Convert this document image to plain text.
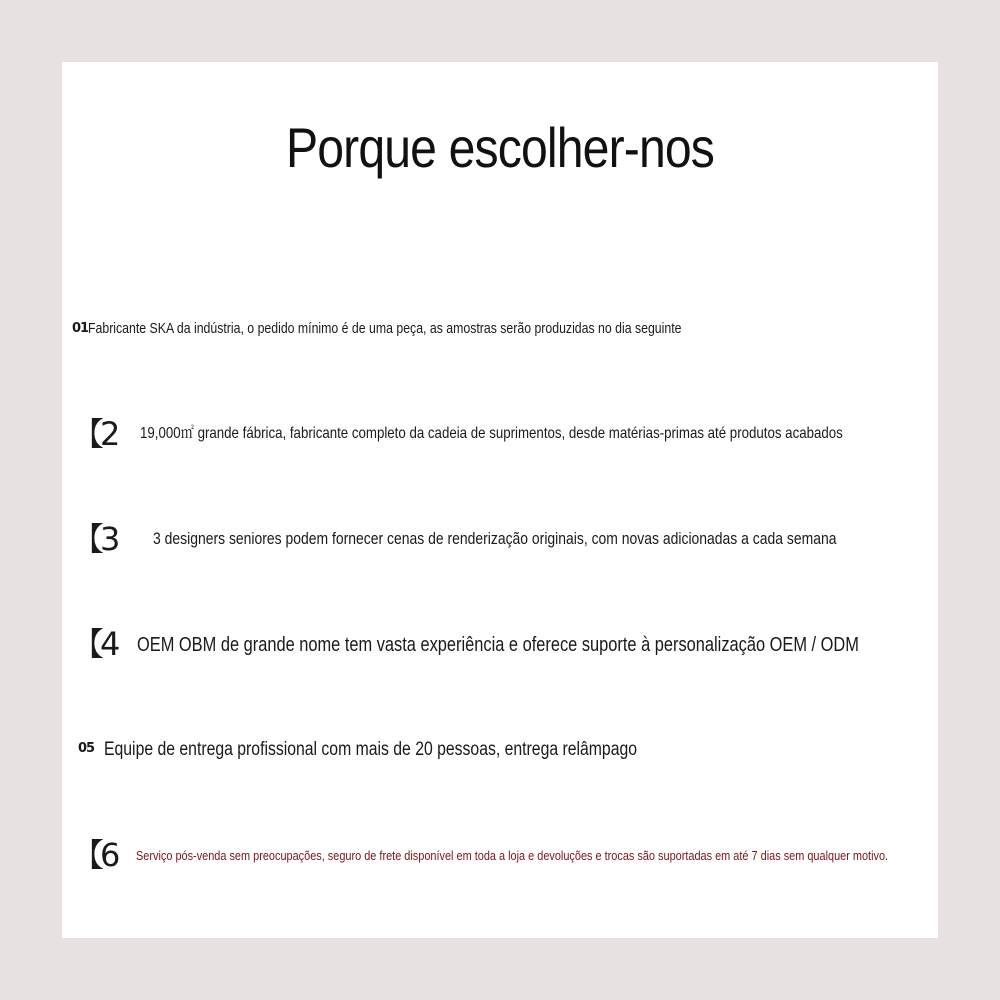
Porque escolher-nos
01 Fabricante SKA da indústria, o pedido mínimo é de uma peça, as amostras serão produzidas no dia seguinte
【2 19,000㎡ grande fábrica, fabricante completo da cadeia de suprimentos, desde matérias-primas até produtos acabados
【3 3 designers seniores podem fornecer cenas de renderização originais, com novas adicionadas a cada semana
【4 OEM OBM de grande nome tem vasta experiência e oferece suporte à personalização OEM / ODM
05 Equipe de entrega profissional com mais de 20 pessoas, entrega relâmpago
【6 Serviço pós-venda sem preocupações, seguro de frete disponível em toda a loja e devoluções e trocas são suportadas em até 7 dias sem qualquer motivo.
